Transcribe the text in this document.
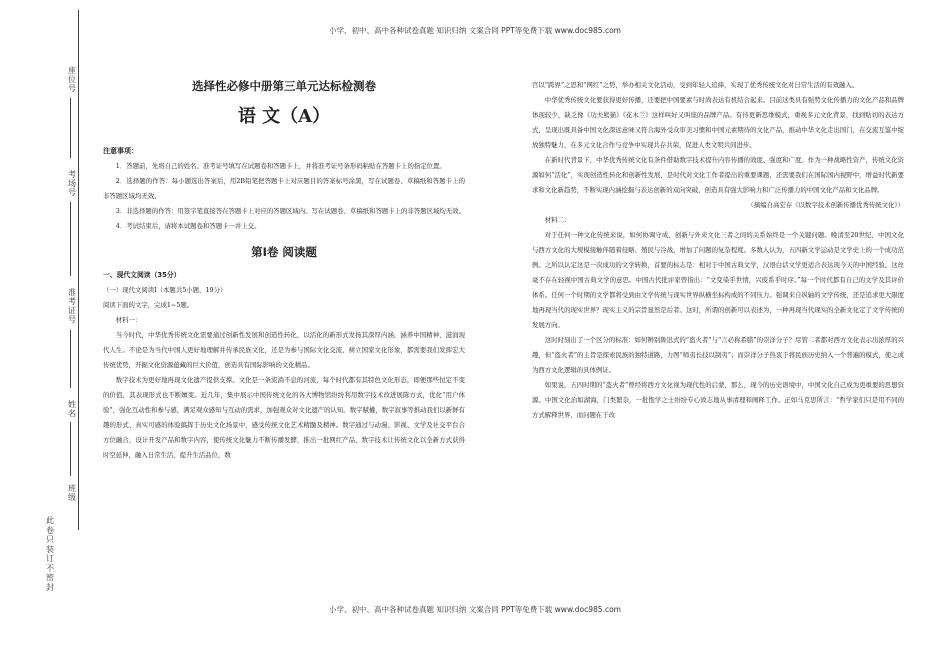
小学、初中、高中各种试卷真题 知识归纳 文案合同 PPT等免费下载 www.doc985.com
座位号
考场号
准考证号
姓名
班级
此卷只装订不密封
选择性必修中册第三单元达标检测卷
语 文（A）

注意事项：

1．答题前，先将自己的姓名、准考证号填写在试题卷和答题卡上，并将准考证号条形码粘贴在答题卡上的指定位置。

2．选择题的作答：每小题选出答案后，用2B铅笔把答题卡上对应题目的答案标号涂黑，写在试题卷、草稿纸和答题卡上的非答题区域均无效。

3．非选择题的作答：用签字笔直接答在答题卡上对应的答题区域内。写在试题卷、草稿纸和答题卡上的非答题区域均无效。

4．考试结束后，请将本试题卷和答题卡一并上交。

第Ⅰ卷 阅读题

一、现代文阅读（35分）

（一）现代文阅读Ⅰ（本题共5小题，19分）

阅读下面的文字，完成1~5题。

材料一：

当今时代，中华优秀传统文化需要通过创新性发展和创造性转化，以活化的新形式发扬其深厚内涵，涵养中国精神，滋润现代人生。不论是为当代中国人更好地理解并传承民族文化，还是为参与国际文化交流、树立国家文化形象，都需要我们发挥宏大传统优势，开掘文化资源蕴藏的巨大价值，创造具有国际影响的文化精品。

数字技术为更好地再现文化遗产提供支撑。文化是一条流淌不息的河流，每个时代都有其特色文化形态，即便那些恒定不变的价值，其表现形式也不断嬗变。近几年，集中展示中国传统文化的各大博物馆纷纷利用数字技术改进展陈方式，优化“用户体验”，强化互动性和参与感，满足观众感知与互动的需求，加强观众对文化遗产的认知。数字賦權，数字叙事等推动我们以新鲜有趣的形式、真实可感的体验搞挥于历史文化场景中，感受传统文化艺术精髓及精神。数字通过与动漫、影视、文学及社交平台合方位融合，设计开发产品和数字内容，使传统文化魅力不断传播发酵，推出一批网红产品，数字技术让传统文化以全新方式获得时空延伸，融入日常生活，提升生活品位，数

宫以“跨界”之思和“网红”之势，举办相关文化活动，受到年轻人追捧，实现了优秀传统文化对日常生活的有效融入。

中华优秀传统文化要获得更好传播，还要把中国要素与时尚表达有机结合起来。目前这类具有强势文化传播力的文化产品和品牌体现较少，缺乏像《功夫熊猫》《花木兰》这样叫好又叫座的品牌产品。有待更新思维模式，重视多元文化背景，找到贴切的表达方式，呈现出既具备中国文化深远意味又符合海外受众审美习惯和中国元素期待的文化产品，推动中华文化走出国门，在交流互鉴中绽放独特魅力，在多元文化合作与竞争中实现共存共荣，促进人类文明共同进步。

在新时代背景下，中华优秀传统文化有条件借助数字技术提升内容传播的效度、强度和广度。作为一种战略性资产，传统文化资源如何“活化”，实现创造性转化和创新性发展，是时代对文化工作者提出的重要课题，还需要我们在国际国内视野中，增益时代新要求和文化新趋势，不断实现内涵挖掘与表达创新的双向突破，创造具有强大影响力和广泛传播力的中国文化产品和文化品牌。

（摘编自高宏存《以数字技术创新传播优秀传统文化》）

材料二：

对于任何一种文化传统来说，如何协调守成、创新与外来文化三者之间的关系始终是一个关键问题。晚清至20世纪，中国文化与西方文化的大规模接触伴随着侵略、殖民与冷战，增加了问题的复杂程度。多数人认为，五四新文学运动是文学史上的一个成功范例。之所以认定这是一次成功的文学转换，首要的标志是：相对于中国古典文学，汉语白话文学更适合表达现今天的中国经验。这丝毫不存在轻视中国古典文学的意思。中国古代批评家曾指出：“文变染乎世情，兴废系乎时序。”每一个时代都有自己的文学及其评价体系。任何一个时期的文学都将受到由文学传统与现实世界纵横坐标构成的不同压力。强调来自纵轴的文学传统，还是追求更大限度地再现当代的现实世界？现实主义的宗旨显然是后者。这时，所谓的创新可以表述为，一种再现当代现实的全新文化定了文学传统的发展方向。

这时时刻出了一个区分的标准：如何辨别鲁迅式的“盗火者”与“言必称希腊”的崇洋分子？尽管二者都对西方文化表示出浓厚的兴趣，但“盗火者”的主旨是探索民族的独特道路，力图“师夷长技以制夷”；而崇洋分子热衷于将民族历史纳入一个普遍的模式，使之成为西方文化逻辑的具体例证。

如果说，五四时期的“盗火者”曾经将西方文化视为现代性的启蒙，那么，现今的历史语境中，中国文化自己成为更重要的思想资源。中国文化治如湖海，门类繁杂，一批饱学之士纷纷专心致志地从事清理和阐释工作。正如马克思所言：“哲学家们只是用不同的方式解释世界，而问题在于改

小学、初中、高中各种试卷真题 知识归纳 文案合同 PPT等免费下载 www.doc985.com
